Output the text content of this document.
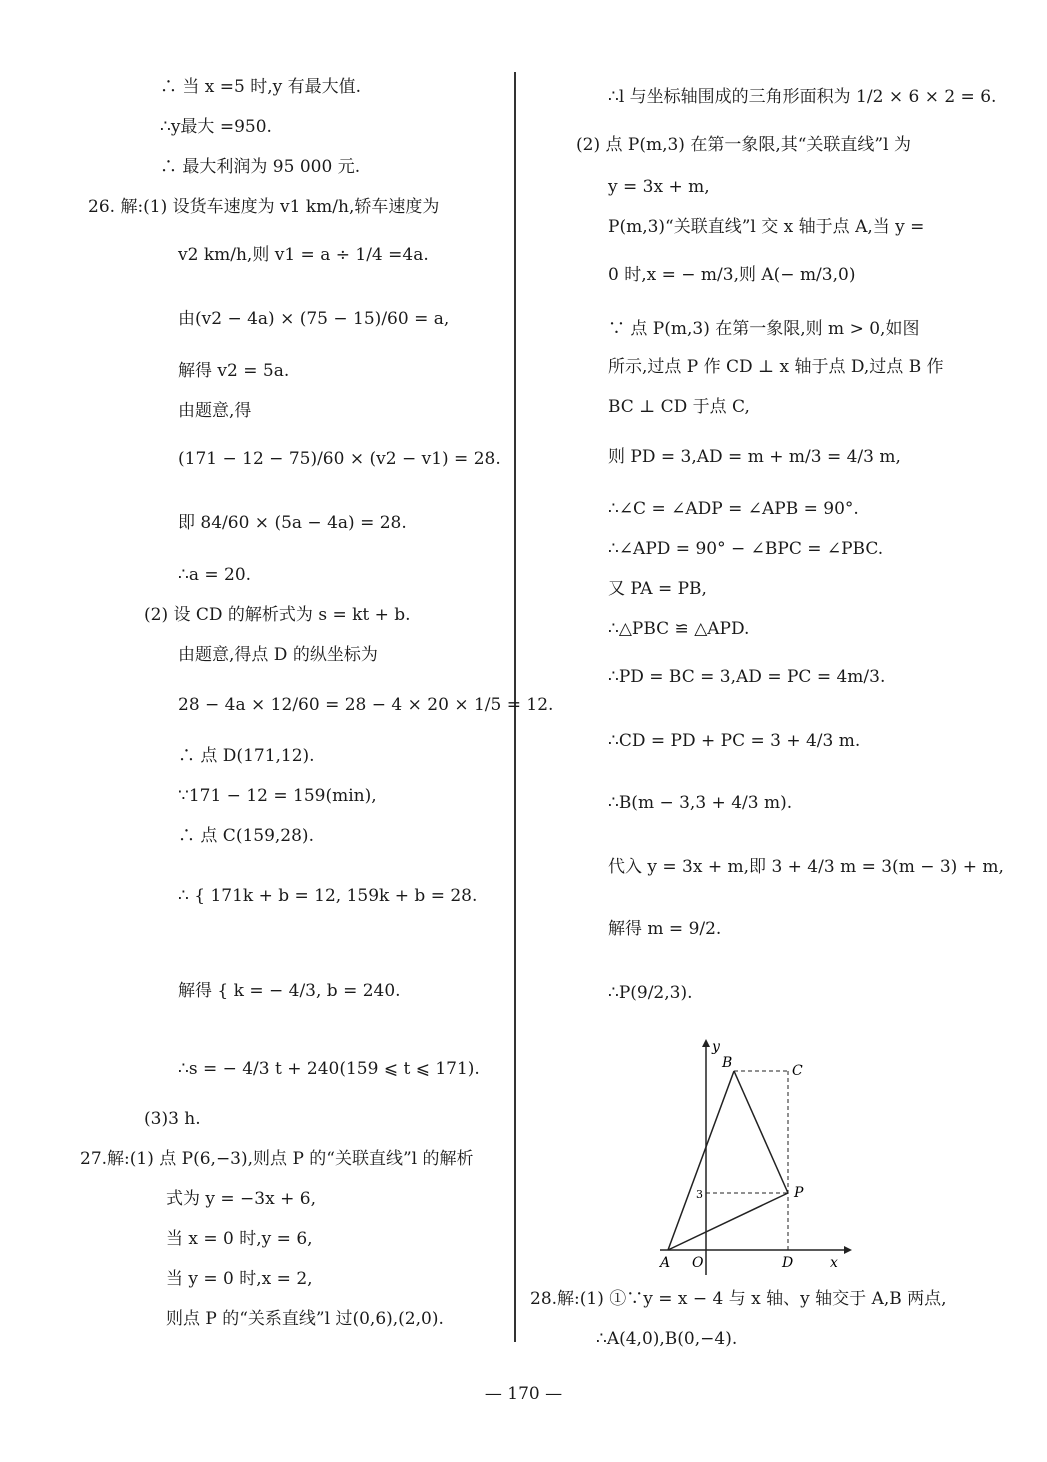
∴ 当 x =5 时,y 有最大值.
∴y最大 =950.
∴ 最大利润为 95 000 元.
26. 解:(1) 设货车速度为 v1 km/h,轿车速度为
v2 km/h,则 v1 = a ÷ 1/4 =4a.
由(v2 − 4a) × (75 − 15)/60 = a,
解得 v2 = 5a.
由题意,得
(171 − 12 − 75)/60 × (v2 − v1) = 28.
即 84/60 × (5a − 4a) = 28.
∴a = 20.
(2) 设 CD 的解析式为 s = kt + b.
由题意,得点 D 的纵坐标为
28 − 4a × 12/60 = 28 − 4 × 20 × 1/5 = 12.
∴ 点 D(171,12).
∵171 − 12 = 159(min),
∴ 点 C(159,28).
∴ { 171k + b = 12, 159k + b = 28.
解得 { k = − 4/3, b = 240.
∴s = − 4/3 t + 240(159 ⩽ t ⩽ 171).
(3)3 h.
27.解:(1) 点 P(6,−3),则点 P 的“关联直线”l 的解析
式为 y = −3x + 6,
当 x = 0 时,y = 6,
当 y = 0 时,x = 2,
则点 P 的“关系直线”l 过(0,6),(2,0).
∴l 与坐标轴围成的三角形面积为 1/2 × 6 × 2 = 6.
(2) 点 P(m,3) 在第一象限,其“关联直线”l 为
y = 3x + m,
P(m,3)“关联直线”l 交 x 轴于点 A,当 y =
0 时,x = − m/3,则 A(− m/3,0)
∵ 点 P(m,3) 在第一象限,则 m > 0,如图
所示,过点 P 作 CD ⊥ x 轴于点 D,过点 B 作
BC ⊥ CD 于点 C,
则 PD = 3,AD = m + m/3 = 4/3 m,
∴∠C = ∠ADP = ∠APB = 90°.
∴∠APD = 90° − ∠BPC = ∠PBC.
又 PA = PB,
∴△PBC ≌ △APD.
∴PD = BC = 3,AD = PC = 4m/3.
∴CD = PD + PC = 3 + 4/3 m.
∴B(m − 3,3 + 4/3 m).
代入 y = 3x + m,即 3 + 4/3 m = 3(m − 3) + m,
解得 m = 9/2.
∴P(9/2,3).
28.解:(1) ①∵y = x − 4 与 x 轴、y 轴交于 A,B 两点,
∴A(4,0),B(0,−4).
y
x
B	C
P
3
A O	D
— 170 —
